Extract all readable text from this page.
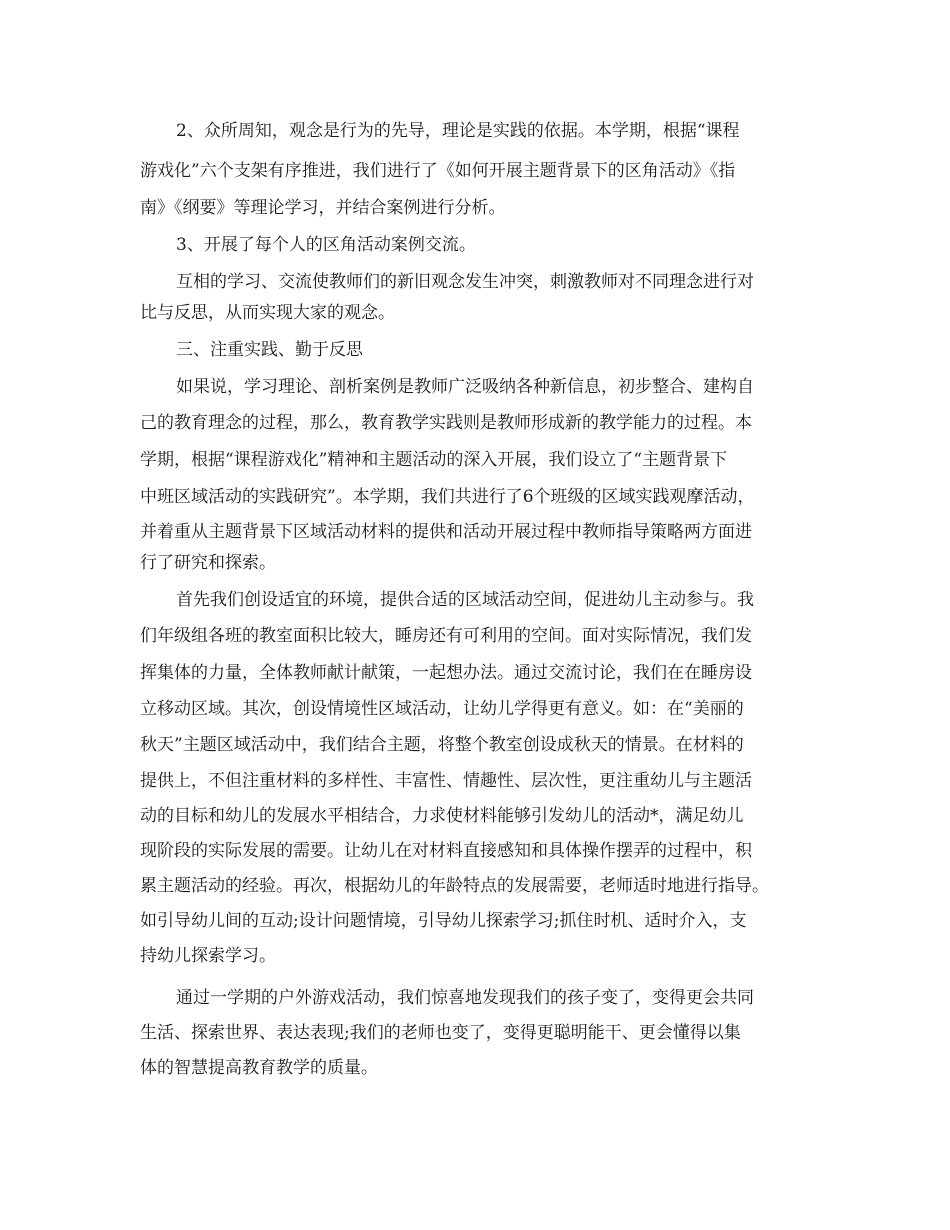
2、众所周知，观念是行为的先导，理论是实践的依据。本学期，根据“课程
游戏化”六个支架有序推进，我们进行了《如何开展主题背景下的区角活动》《指
南》《纲要》等理论学习，并结合案例进行分析。
3、开展了每个人的区角活动案例交流。
互相的学习、交流使教师们的新旧观念发生冲突，刺激教师对不同理念进行对
比与反思，从而实现大家的观念。
三、注重实践、勤于反思
如果说，学习理论、剖析案例是教师广泛吸纳各种新信息，初步整合、建构自
己的教育理念的过程，那么，教育教学实践则是教师形成新的教学能力的过程。本
学期，根据“课程游戏化”精神和主题活动的深入开展，我们设立了“主题背景下
中班区域活动的实践研究”。本学期，我们共进行了6个班级的区域实践观摩活动，
并着重从主题背景下区域活动材料的提供和活动开展过程中教师指导策略两方面进
行了研究和探索。
首先我们创设适宜的环境，提供合适的区域活动空间，促进幼儿主动参与。我
们年级组各班的教室面积比较大，睡房还有可利用的空间。面对实际情况，我们发
挥集体的力量，全体教师献计献策，一起想办法。通过交流讨论，我们在在睡房设
立移动区域。其次，创设情境性区域活动，让幼儿学得更有意义。如：在“美丽的
秋天”主题区域活动中，我们结合主题，将整个教室创设成秋天的情景。在材料的
提供上，不但注重材料的多样性、丰富性、情趣性、层次性，更注重幼儿与主题活
动的目标和幼儿的发展水平相结合，力求使材料能够引发幼儿的活动*，满足幼儿
现阶段的实际发展的需要。让幼儿在对材料直接感知和具体操作摆弄的过程中，积
累主题活动的经验。再次，根据幼儿的年龄特点的发展需要，老师适时地进行指导。
如引导幼儿间的互动;设计问题情境，引导幼儿探索学习;抓住时机、适时介入，支
持幼儿探索学习。
通过一学期的户外游戏活动，我们惊喜地发现我们的孩子变了，变得更会共同
生活、探索世界、表达表现;我们的老师也变了，变得更聪明能干、更会懂得以集
体的智慧提高教育教学的质量。
